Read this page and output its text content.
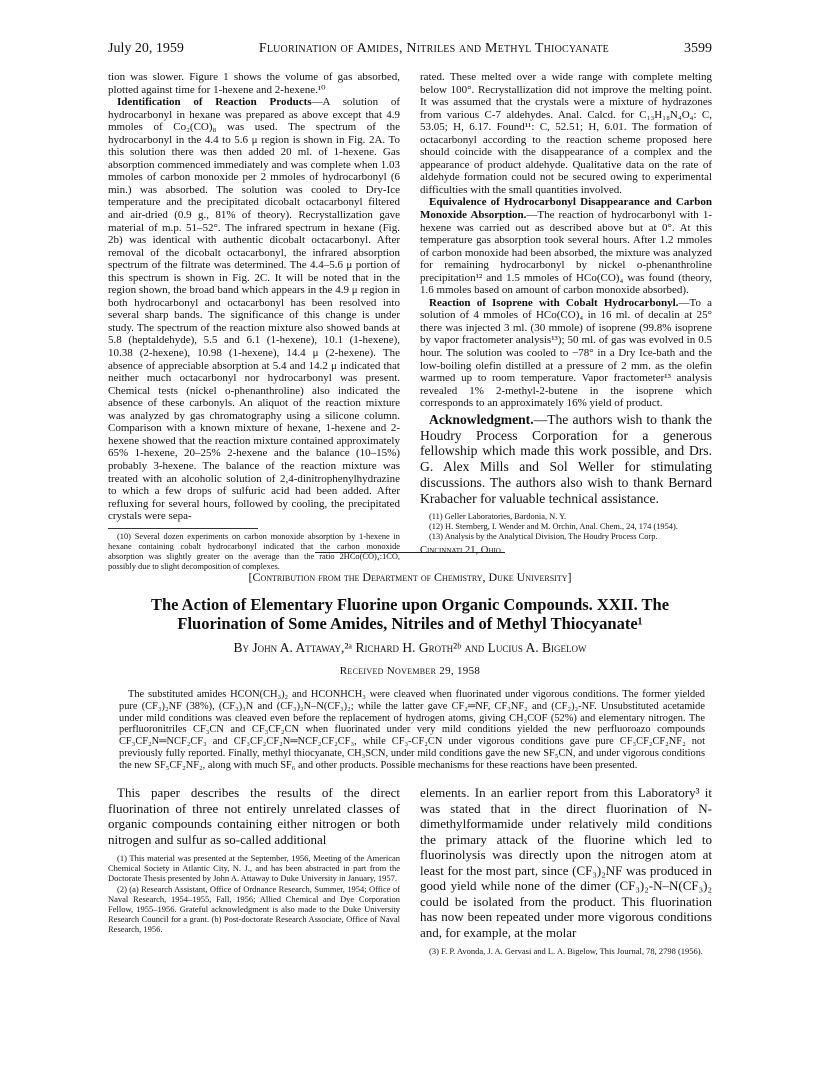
July 20, 1959	Fluorination of Amides, Nitriles and Methyl Thiocyanate	3599

tion was slower. Figure 1 shows the volume of gas absorbed, plotted against time for 1-hexene and 2-hexene.¹⁰

Identification of Reaction Products—A solution of hydrocarbonyl in hexane was prepared as above except that 4.9 mmoles of Co₂(CO)₈ was used. The spectrum of the hydrocarbonyl in the 4.4 to 5.6 μ region is shown in Fig. 2A. To this solution there was then added 20 ml. of 1-hexene. Gas absorption commenced immediately and was complete when 1.03 mmoles of carbon monoxide per 2 mmoles of hydrocarbonyl (6 min.) was absorbed. The solution was cooled to Dry-Ice temperature and the precipitated dicobalt octacarbonyl filtered and air-dried (0.9 g., 81% of theory). Recrystallization gave material of m.p. 51–52°. The infrared spectrum in hexane (Fig. 2b) was identical with authentic dicobalt octacarbonyl. After removal of the dicobalt octacarbonyl, the infrared absorption spectrum of the filtrate was determined. The 4.4–5.6 μ portion of this spectrum is shown in Fig. 2C. It will be noted that in the region shown, the broad band which appears in the 4.9 μ region in both hydrocarbonyl and octacarbonyl has been resolved into several sharp bands. The significance of this change is under study. The spectrum of the reaction mixture also showed bands at 5.8 (heptaldehyde), 5.5 and 6.1 (1-hexene), 10.1 (1-hexene), 10.38 (2-hexene), 10.98 (1-hexene), 14.4 μ (2-hexene). The absence of appreciable absorption at 5.4 and 14.2 μ indicated that neither much octacarbonyl nor hydrocarbonyl was present. Chemical tests (nickel o-phenanthroline) also indicated the absence of these carbonyls. An aliquot of the reaction mixture was analyzed by gas chromatography using a silicone column. Comparison with a known mixture of hexane, 1-hexene and 2-hexene showed that the reaction mixture contained approximately 65% 1-hexene, 20–25% 2-hexene and the balance (10–15%) probably 3-hexene. The balance of the reaction mixture was treated with an alcoholic solution of 2,4-dinitrophenylhydrazine to which a few drops of sulfuric acid had been added. After refluxing for several hours, followed by cooling, the precipitated crystals were sepa-

(10) Several dozen experiments on carbon monoxide absorption by 1-hexene in hexane containing cobalt hydrocarbonyl indicated that the carbon monoxide absorption was slightly greater on the average than the ratio 2HCo(CO)₄:1CO, possibly due to slight decomposition of complexes.

rated. These melted over a wide range with complete melting below 100°. Recrystallization did not improve the melting point. It was assumed that the crystals were a mixture of hydrazones from various C-7 aldehydes. Anal. Calcd. for C₁₃H₁₈N₄O₄: C, 53.05; H, 6.17. Found¹¹: C, 52.51; H, 6.01. The formation of octacarbonyl according to the reaction scheme proposed here should coincide with the disappearance of a complex and the appearance of product aldehyde. Qualitative data on the rate of aldehyde formation could not be secured owing to experimental difficulties with the small quantities involved.

Equivalence of Hydrocarbonyl Disappearance and Carbon Monoxide Absorption.—The reaction of hydrocarbonyl with 1-hexene was carried out as described above but at 0°. At this temperature gas absorption took several hours. After 1.2 mmoles of carbon monoxide had been absorbed, the mixture was analyzed for remaining hydrocarbonyl by nickel o-phenanthroline precipitation¹² and 1.5 mmoles of HCo(CO)₄ was found (theory, 1.6 mmoles based on amount of carbon monoxide absorbed).

Reaction of Isoprene with Cobalt Hydrocarbonyl.—To a solution of 4 mmoles of HCo(CO)₄ in 16 ml. of decalin at 25° there was injected 3 ml. (30 mmole) of isoprene (99.8% isoprene by vapor fractometer analysis¹³); 50 ml. of gas was evolved in 0.5 hour. The solution was cooled to −78° in a Dry Ice-bath and the low-boiling olefin distilled at a pressure of 2 mm. as the olefin warmed up to room temperature. Vapor fractometer¹³ analysis revealed 1% 2-methyl-2-butene in the isoprene which corresponds to an approximately 16% yield of product.

Acknowledgment.—The authors wish to thank the Houdry Process Corporation for a generous fellowship which made this work possible, and Drs. G. Alex Mills and Sol Weller for stimulating discussions. The authors also wish to thank Bernard Krabacher for valuable technical assistance.

(11) Geller Laboratories, Bardonia, N. Y.

(12) H. Sternberg, I. Wender and M. Orchin, Anal. Chem., 24, 174 (1954).

(13) Analysis by the Analytical Division, The Houdry Process Corp.

Cincinnati 21, Ohio

[Contribution from the Department of Chemistry, Duke University]
The Action of Elementary Fluorine upon Organic Compounds. XXII. The Fluorination of Some Amides, Nitriles and of Methyl Thiocyanate¹
By John A. Attaway,²ᵃ Richard H. Groth²ᵇ and Lucius A. Bigelow
Received November 29, 1958
The substituted amides HCON(CH₃)₂ and HCONHCH₃ were cleaved when fluorinated under vigorous conditions. The former yielded pure (CF₃)₂NF (38%), (CF₃)₃N and (CF₃)₂N–N(CF₃)₂; while the latter gave CF₂═NF, CF₃NF₂ and (CF₂)₂-NF. Unsubstituted acetamide under mild conditions was cleaved even before the replacement of hydrogen atoms, giving CH₃COF (52%) and elementary nitrogen. The perfluoronitriles CF₃CN and CF₃CF₂CN when fluorinated under very mild conditions yielded the new perfluoroazo compounds CF₃CF₂N═NCF₂CF₃ and CF₃CF₂CF₂N═NCF₂CF₂CF₃, while CF₃-CF₂CN under vigorous conditions gave pure CF₃CF₂CF₂NF₂ not previously fully reported. Finally, methyl thiocyanate, CH₃SCN, under mild conditions gave the new SF₅CN, and under vigorous conditions the new SF₅CF₂NF₂, along with much SF₆ and other products. Possible mechanisms for these reactions have been presented.

This paper describes the results of the direct fluorination of three not entirely unrelated classes of organic compounds containing either nitrogen or both nitrogen and sulfur as so-called additional

(1) This material was presented at the September, 1956, Meeting of the American Chemical Society in Atlantic City, N. J., and has been abstracted in part from the Doctorate Thesis presented by John A. Attaway to Duke University in January, 1957.

(2) (a) Research Assistant, Office of Ordnance Research, Summer, 1954; Office of Naval Research, 1954–1955, Fall, 1956; Allied Chemical and Dye Corporation Fellow, 1955–1956. Grateful acknowledgment is also made to the Duke University Research Council for a grant. (b) Post-doctorate Research Associate, Office of Naval Research, 1956.

elements. In an earlier report from this Laboratory³ it was stated that in the direct fluorination of N-dimethylformamide under relatively mild conditions the primary attack of the fluorine which led to fluorinolysis was directly upon the nitrogen atom at least for the most part, since (CF₃)₂NF was produced in good yield while none of the dimer (CF₃)₂-N–N(CF₃)₂ could be isolated from the product. This fluorination has now been repeated under more vigorous conditions and, for example, at the molar

(3) F. P. Avonda, J. A. Gervasi and L. A. Bigelow, This Journal, 78, 2798 (1956).
